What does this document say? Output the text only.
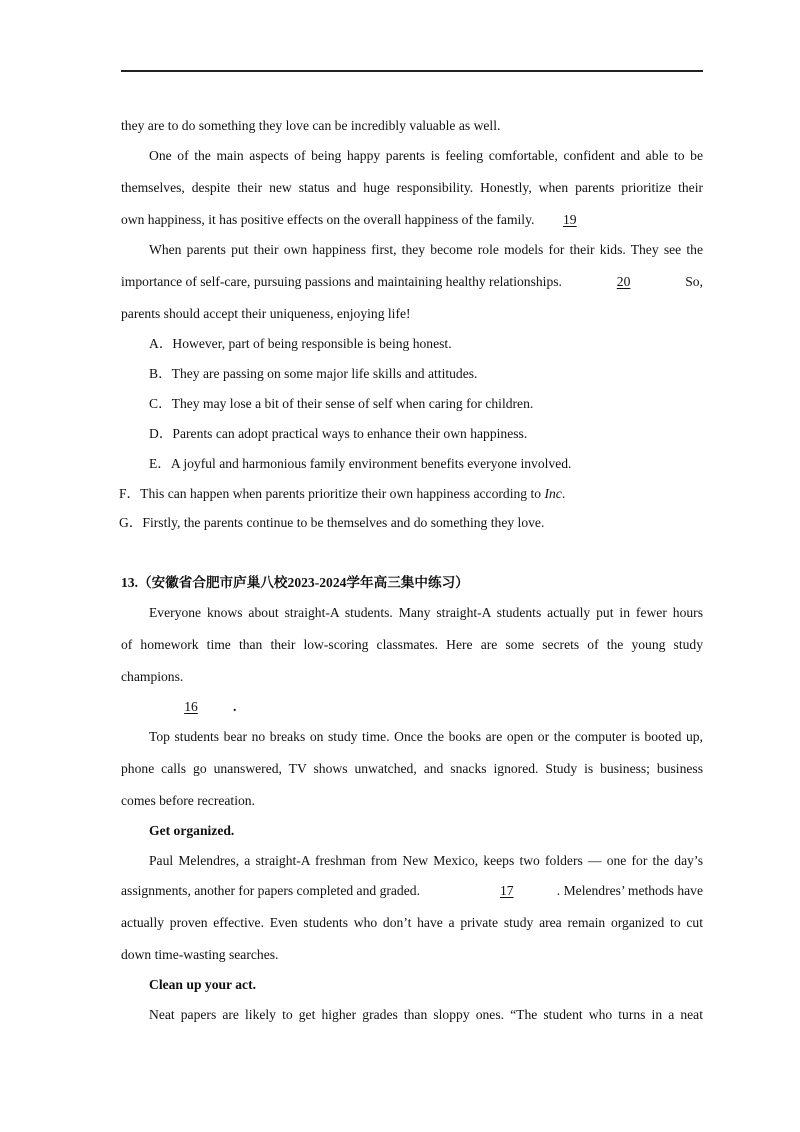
they are to do something they love can be incredibly valuable as well.
One of the main aspects of being happy parents is feeling comfortable, confident and able to be
themselves, despite their new status and huge responsibility. Honestly, when parents prioritize their
own happiness, it has positive effects on the overall happiness of the family. 19
When parents put their own happiness first, they become role models for their kids. They see the
importance of self-care, pursuing passions and maintaining healthy relationships.	20	So,
parents should accept their uniqueness, enjoying life!
A．However, part of being responsible is being honest.
B．They are passing on some major life skills and attitudes.
C．They may lose a bit of their sense of self when caring for children.
D．Parents can adopt practical ways to enhance their own happiness.
E．A joyful and harmonious family environment benefits everyone involved.
F．This can happen when parents prioritize their own happiness according to Inc.
G．Firstly, the parents continue to be themselves and do something they love.
13.（安徽省合肥市庐巢八校2023-2024学年高三集中练习）
Everyone knows about straight-A students. Many straight-A students actually put in fewer hours
of homework time than their low-scoring classmates. Here are some secrets of the young study
champions.
16	.
Top students bear no breaks on study time. Once the books are open or the computer is booted up,
phone calls go unanswered, TV shows unwatched, and snacks ignored. Study is business; business
comes before recreation.
Get organized.
Paul Melendres, a straight-A freshman from New Mexico, keeps two folders — one for the day’s
assignments, another for papers completed and graded.	17	. Melendres’ methods have
actually proven effective. Even students who don’t have a private study area remain organized to cut
down time-wasting searches.
Clean up your act.
Neat papers are likely to get higher grades than sloppy ones. “The student who turns in a neat
